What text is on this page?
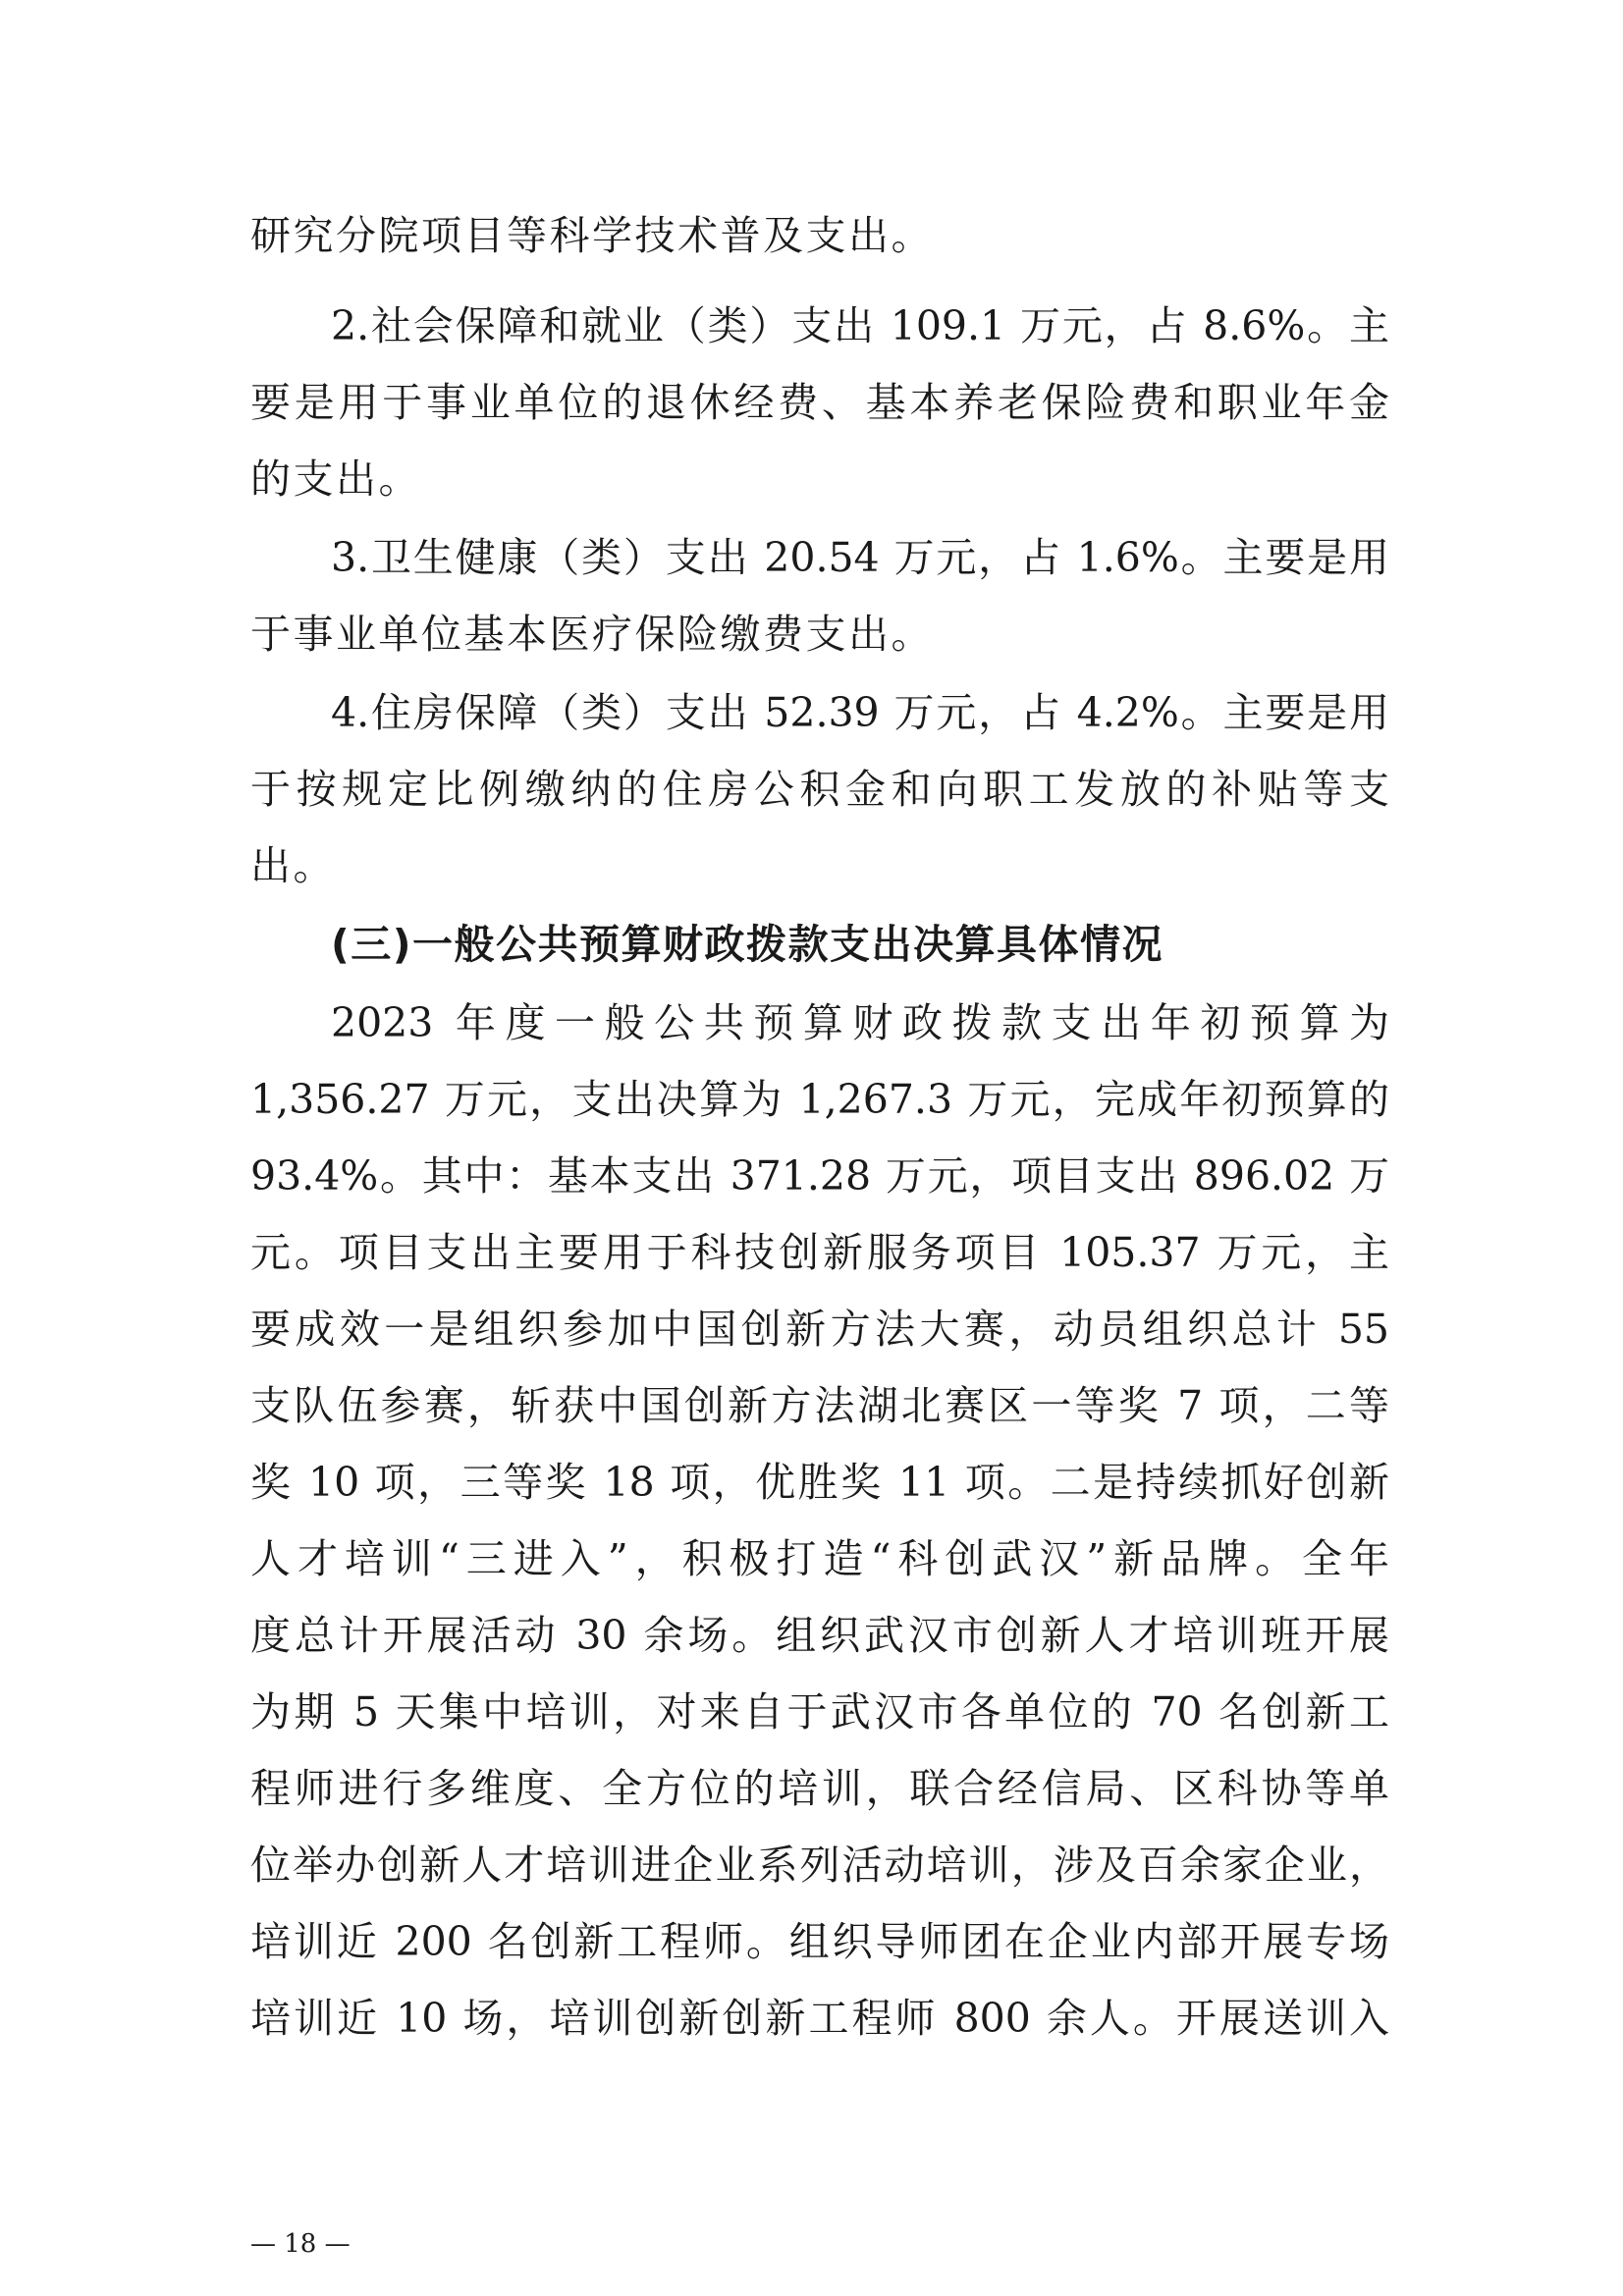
研究分院项目等科学技术普及支出。
2.社会保障和就业（类）支出 109.1 万元，占 8.6%。主
要是用于事业单位的退休经费、基本养老保险费和职业年金
的支出。
3.卫生健康（类）支出 20.54 万元，占 1.6%。主要是用
于事业单位基本医疗保险缴费支出。
4.住房保障（类）支出 52.39 万元，占 4.2%。主要是用
于按规定比例缴纳的住房公积金和向职工发放的补贴等支
出。
(三)一般公共预算财政拨款支出决算具体情况
2023 年度一般公共预算财政拨款支出年初预算为
1,356.27 万元，支出决算为 1,267.3 万元，完成年初预算的
93.4%。其中：基本支出 371.28 万元，项目支出 896.02 万
元。项目支出主要用于科技创新服务项目 105.37 万元，主
要成效一是组织参加中国创新方法大赛，动员组织总计 55
支队伍参赛，斩获中国创新方法湖北赛区一等奖 7 项，二等
奖 10 项，三等奖 18 项，优胜奖 11 项。二是持续抓好创新
人才培训“三进入”，积极打造“科创武汉”新品牌。全年
度总计开展活动 30 余场。组织武汉市创新人才培训班开展
为期 5 天集中培训，对来自于武汉市各单位的 70 名创新工
程师进行多维度、全方位的培训，联合经信局、区科协等单
位举办创新人才培训进企业系列活动培训，涉及百余家企业，
培训近 200 名创新工程师。组织导师团在企业内部开展专场
培训近 10 场，培训创新创新工程师 800 余人。开展送训入
— 18 —
